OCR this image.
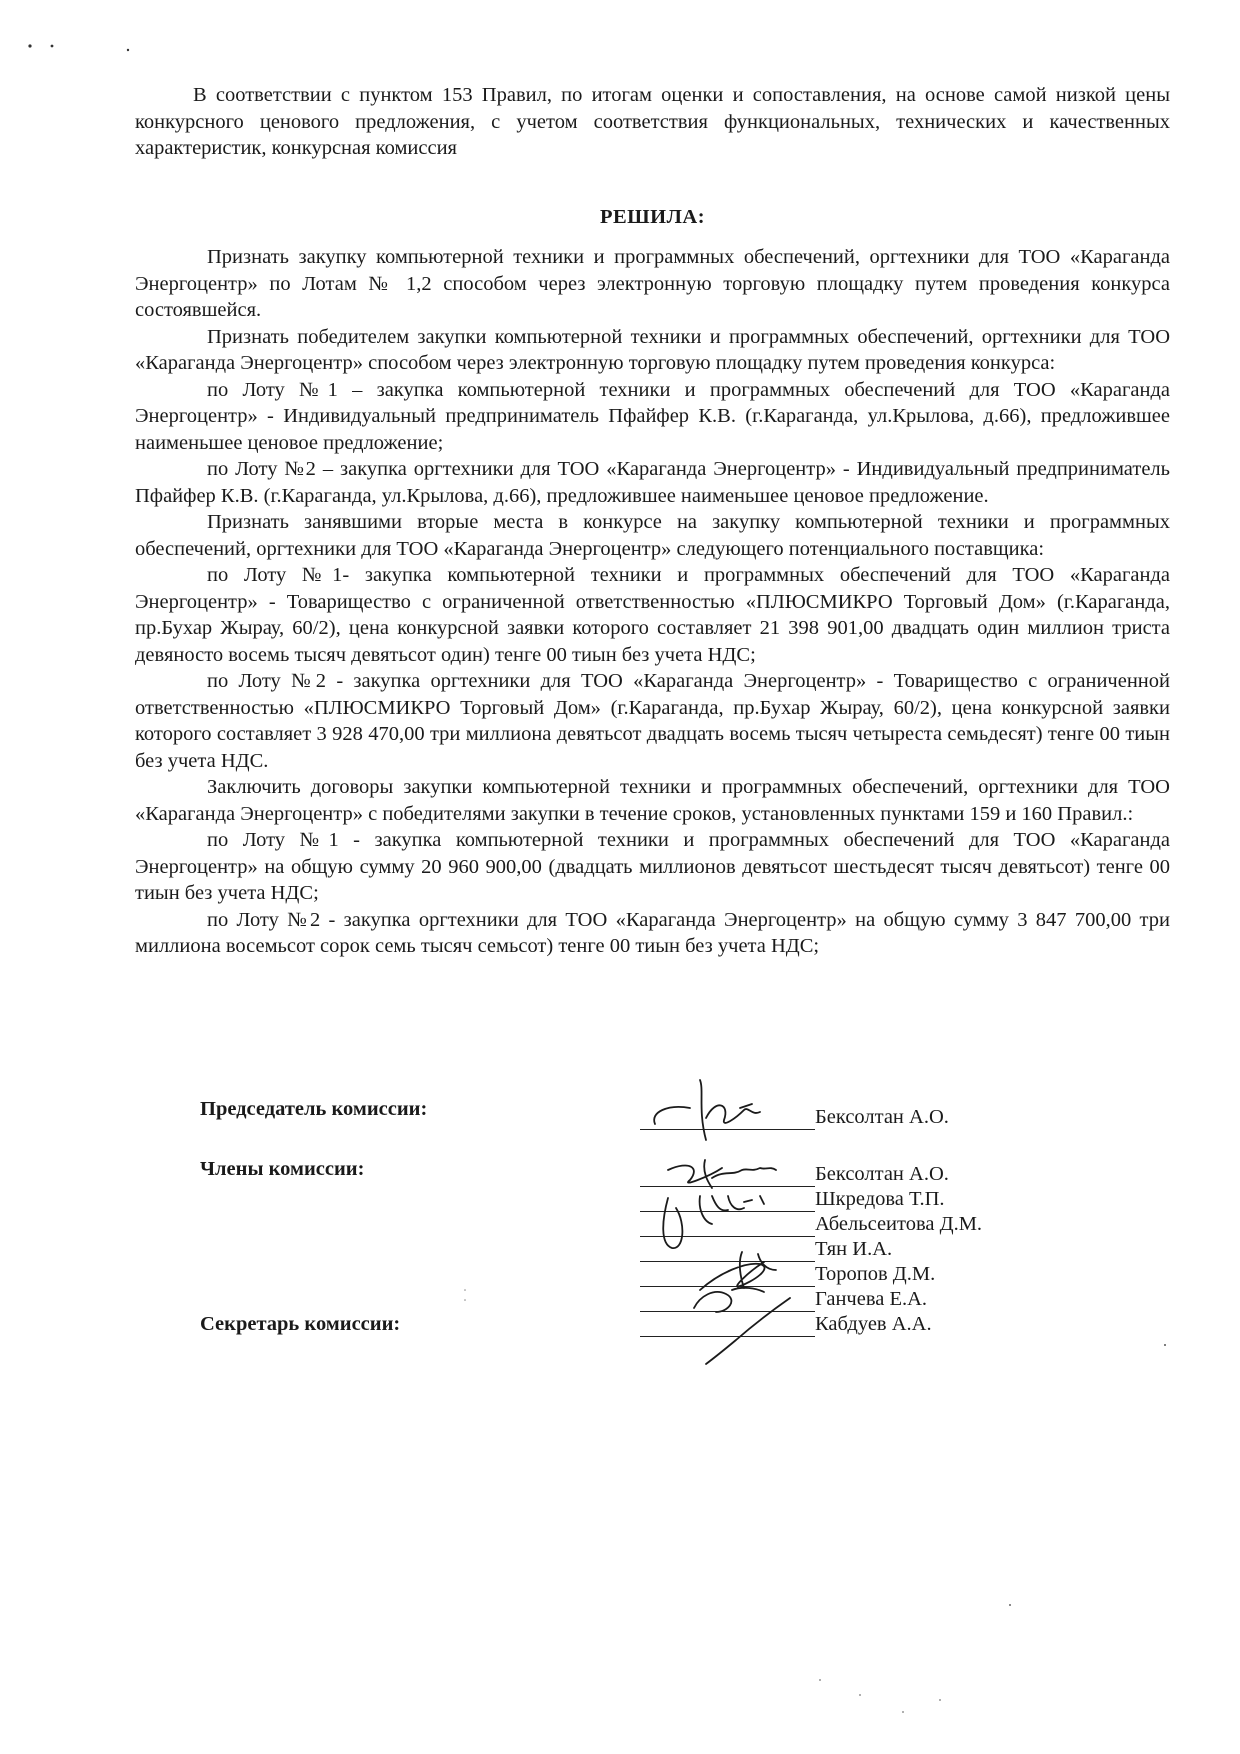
В соответствии с пунктом 153 Правил, по итогам оценки и сопоставления, на основе самой низкой цены конкурсного ценового предложения, с учетом соответствия функциональных, технических и качественных характеристик, конкурсная комиссия

РЕШИЛА:

Признать закупку компьютерной техники и программных обеспечений, оргтехники для ТОО «Караганда Энергоцентр» по Лотам № 1,2 способом через электронную торговую площадку путем проведения конкурса состоявшейся.

Признать победителем закупки компьютерной техники и программных обеспечений, оргтехники для ТОО «Караганда Энергоцентр» способом через электронную торговую площадку путем проведения конкурса:

по Лоту №1 – закупка компьютерной техники и программных обеспечений для ТОО «Караганда Энергоцентр» - Индивидуальный предприниматель Пфайфер К.В. (г.Караганда, ул.Крылова, д.66), предложившее наименьшее ценовое предложение;

по Лоту №2 – закупка оргтехники для ТОО «Караганда Энергоцентр» - Индивидуальный предприниматель Пфайфер К.В. (г.Караганда, ул.Крылова, д.66), предложившее наименьшее ценовое предложение.

Признать занявшими вторые места в конкурсе на закупку компьютерной техники и программных обеспечений, оргтехники для ТОО «Караганда Энергоцентр» следующего потенциального поставщика:

по Лоту №1- закупка компьютерной техники и программных обеспечений для ТОО «Караганда Энергоцентр» - Товарищество с ограниченной ответственностью «ПЛЮСМИКРО Торговый Дом» (г.Караганда, пр.Бухар Жырау, 60/2), цена конкурсной заявки которого составляет 21 398 901,00 двадцать один миллион триста девяносто восемь тысяч девятьсот один) тенге 00 тиын без учета НДС;

по Лоту №2 - закупка оргтехники для ТОО «Караганда Энергоцентр» - Товарищество с ограниченной ответственностью «ПЛЮСМИКРО Торговый Дом» (г.Караганда, пр.Бухар Жырау, 60/2), цена конкурсной заявки которого составляет 3 928 470,00 три миллиона девятьсот двадцать восемь тысяч четыреста семьдесят) тенге 00 тиын без учета НДС.

Заключить договоры закупки компьютерной техники и программных обеспечений, оргтехники для ТОО «Караганда Энергоцентр» с победителями закупки в течение сроков, установленных пунктами 159 и 160 Правил.:

по Лоту №1 - закупка компьютерной техники и программных обеспечений для ТОО «Караганда Энергоцентр» на общую сумму 20 960 900,00 (двадцать миллионов девятьсот шестьдесят тысяч девятьсот) тенге 00 тиын без учета НДС;

по Лоту №2 - закупка оргтехники для ТОО «Караганда Энергоцентр» на общую сумму 3 847 700,00 три миллиона восемьсот сорок семь тысяч семьсот) тенге 00 тиын без учета НДС;

Председатель комиссии:
Члены комиссии:
Секретарь комиссии:
Бексолтан А.О.
Бексолтан А.О.
Шкредова Т.П.
Абельсеитова Д.М.
Тян И.А.
Торопов Д.М.
Ганчева Е.А.
Кабдуев А.А.
